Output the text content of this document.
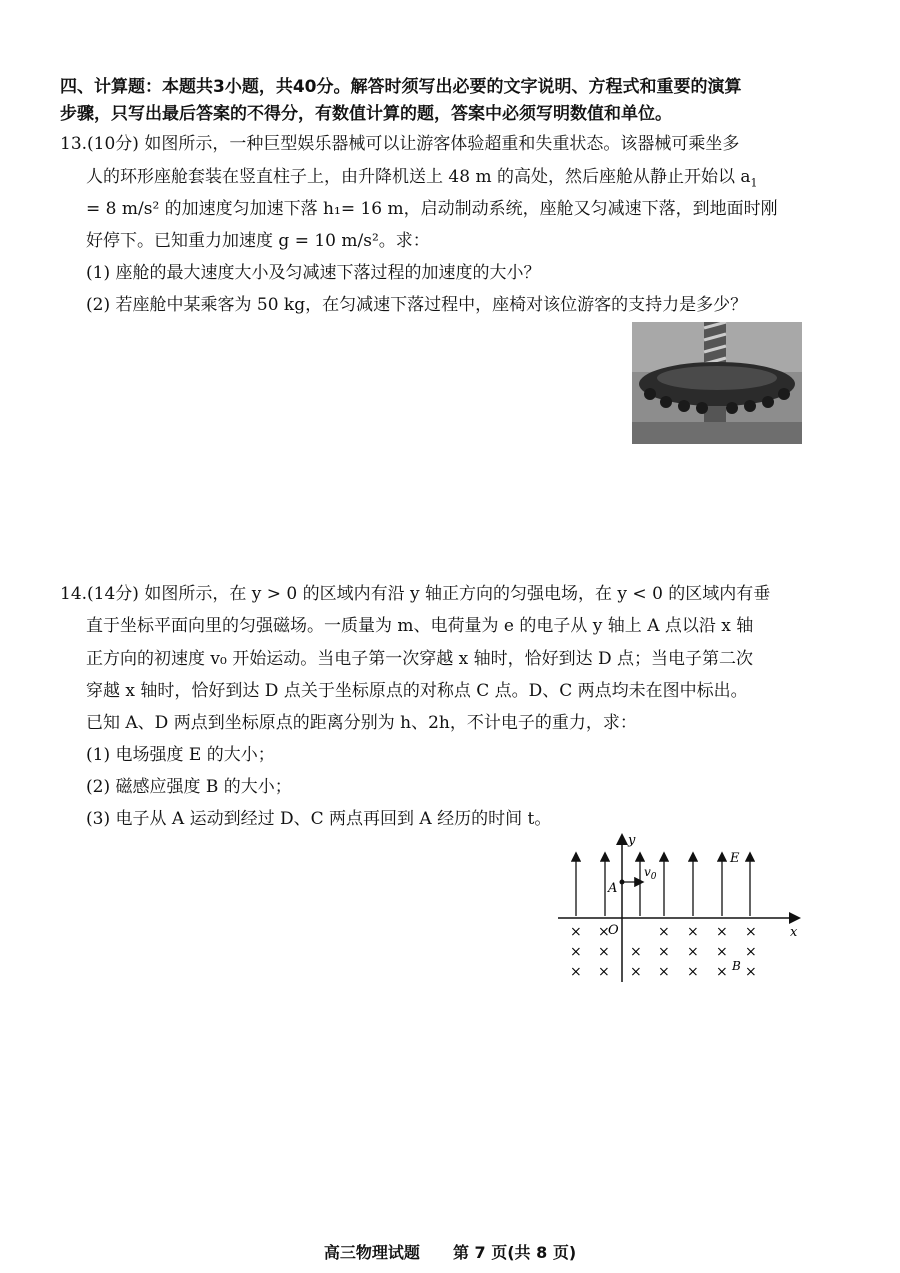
四、计算题：本题共3小题，共40分。解答时须写出必要的文字说明、方程式和重要的演算
步骤，只写出最后答案的不得分，有数值计算的题，答案中必须写明数值和单位。
13.(10分) 如图所示，一种巨型娱乐器械可以让游客体验超重和失重状态。该器械可乘坐多
人的环形座舱套装在竖直柱子上，由升降机送上 48 m 的高处，然后座舱从静止开始以 $a_1$
= 8 m/s² 的加速度匀加速下落 h₁= 16 m，启动制动系统，座舱又匀减速下落，到地面时刚
好停下。已知重力加速度 g = 10 m/s²。求：
(1) 座舱的最大速度大小及匀减速下落过程的加速度的大小？
(2) 若座舱中某乘客为 50 kg，在匀减速下落过程中，座椅对该位游客的支持力是多少？
14.(14分) 如图所示，在 y > 0 的区域内有沿 y 轴正方向的匀强电场，在 y < 0 的区域内有垂
直于坐标平面向里的匀强磁场。一质量为 m、电荷量为 e 的电子从 y 轴上 A 点以沿 x 轴
正方向的初速度 v₀ 开始运动。当电子第一次穿越 x 轴时，恰好到达 D 点；当电子第二次
穿越 x 轴时，恰好到达 D 点关于坐标原点的对称点 C 点。D、C 两点均未在图中标出。
已知 A、D 两点到坐标原点的距离分别为 h、2h，不计电子的重力，求：
(1) 电场强度 E 的大小；
(2) 磁感应强度 B 的大小；
(3) 电子从 A 运动到经过 D、C 两点再回到 A 经历的时间 t。
y
x
$v_0$
A
O
E
B
× ×	× × × ×
× × × × × × ×
× × × × × × ×
高三物理试题 第 7 页(共 8 页)
